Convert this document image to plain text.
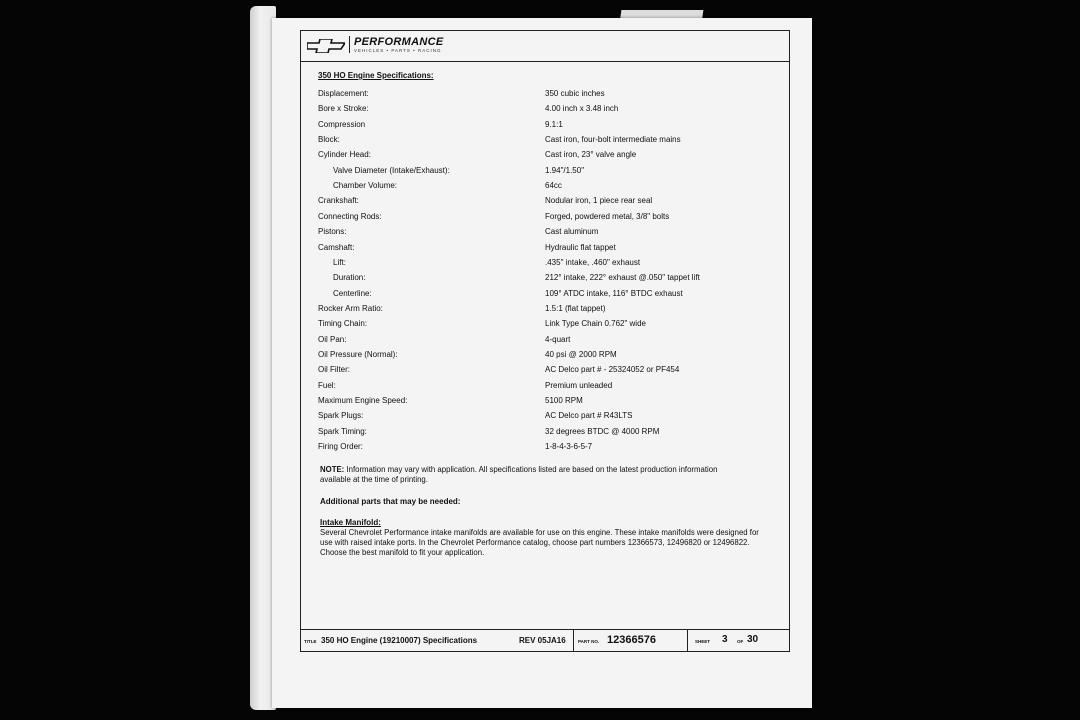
PERFORMANCE
VEHICLES • PARTS • RACING
350 HO Engine Specifications:
Displacement:	350 cubic inches
Bore x Stroke:	4.00 inch x 3.48 inch
Compression	9.1:1
Block:	Cast iron, four-bolt intermediate mains
Cylinder Head:	Cast iron, 23° valve angle
Valve Diameter (Intake/Exhaust):	1.94"/1.50"
Chamber Volume:	64cc
Crankshaft:	Nodular iron, 1 piece rear seal
Connecting Rods:	Forged, powdered metal, 3/8" bolts
Pistons:	Cast aluminum
Camshaft:	Hydraulic flat tappet
Lift:	.435" intake, .460" exhaust
Duration:	212° intake, 222° exhaust @.050" tappet lift
Centerline:	109° ATDC intake, 116° BTDC exhaust
Rocker Arm Ratio:	1.5:1 (flat tappet)
Timing Chain:	Link Type Chain 0.762" wide
Oil Pan:	4-quart
Oil Pressure (Normal):	40 psi @ 2000 RPM
Oil Filter:	AC Delco part # - 25324052 or PF454
Fuel:	Premium unleaded
Maximum Engine Speed:	5100 RPM
Spark Plugs:	AC Delco part # R43LTS
Spark Timing:	32 degrees BTDC @ 4000 RPM
Firing Order:	1-8-4-3-6-5-7
NOTE: Information may vary with application. All specifications listed are based on the latest production information available at the time of printing.
Additional parts that may be needed:
Intake Manifold:
Several Chevrolet Performance intake manifolds are available for use on this engine. These intake manifolds were designed for use with raised intake ports. In the Chevrolet Performance catalog, choose part numbers 12366573, 12496820 or 12496822. Choose the best manifold to fit your application.
TITLE 350 HO Engine (19210007) Specifications	REV 05JA16	PART NO. 12366576	SHEET 3 OF 30
